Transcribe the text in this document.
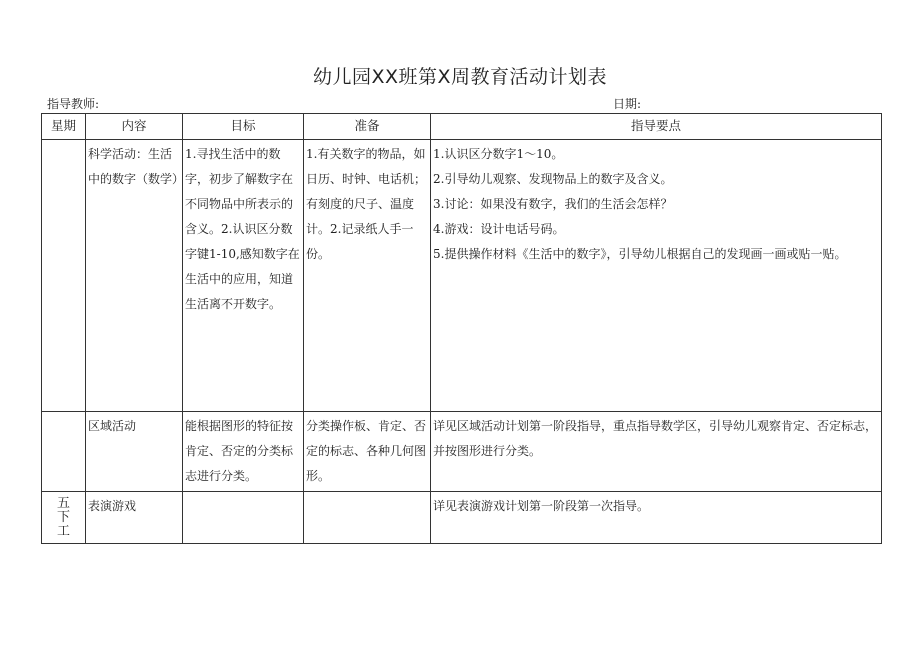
幼儿园XX班第X周教育活动计划表
指导教师:	日期:
星期	内容	目标	准备	指导要点
	科学活动：生活中的数字（数学）	1.寻找生活中的数字，初步了解数字在不同物品中所表示的含义。2.认识区分数字键1-10,感知数字在生活中的应用，知道生活离不开数字。	1.有关数字的物品，如日历、时钟、电话机；有刻度的尺子、温度计。2.记录纸人手一份。	1.认识区分数字1～10。
2.引导幼儿观察、发现物品上的数字及含义。
3.讨论：如果没有数字，我们的生活会怎样？
4.游戏：设计电话号码。
5.提供操作材料《生活中的数字》，引导幼儿根据自己的发现画一画或贴一贴。

	区域活动	能根据图形的特征按肯定、否定的分类标志进行分类。	分类操作板、肯定、否定的标志、各种几何图形。	详见区域活动计划第一阶段指导，重点指导数学区，引导幼儿观察肯定、否定标志，并按图形进行分类。

五下工	表演游戏			详见表演游戏计划第一阶段第一次指导。
